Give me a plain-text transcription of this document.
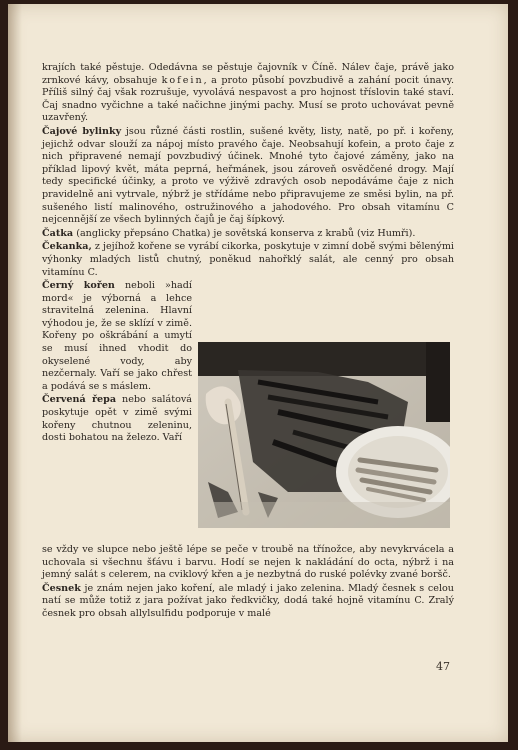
krajích také pěstuje. Odedávna se pěstuje čajovník v Číně. Nálev čaje, právě jako zrnkové kávy, obsahuje kofein, a proto působí povzbudivě a zahání pocit únavy. Příliš silný čaj však rozrušuje, vyvolává nespavost a pro hojnost tříslovin také staví. Čaj snadno vyčichne a také načichne jinými pachy. Musí se proto uchovávat pevně uzavřený.

Čajové bylinky jsou různé části rostlin, sušené květy, listy, natě, po př. i kořeny, jejichž odvar slouží za nápoj místo pravého čaje. Neobsahují kofein, a proto čaje z nich připravené nemají povzbudivý účinek. Mnohé tyto čajové záměny, jako na příklad lipový květ, máta peprná, heřmánek, jsou zároveň osvědčené drogy. Mají tedy specifické účinky, a proto ve výživě zdravých osob nepodáváme čaje z nich pravidelně ani vytrvale, nýbrž je střídáme nebo připravujeme ze směsi bylin, na př. sušeného listí malinového, ostružinového a jahodového. Pro obsah vitamínu C nejcennější ze všech bylinných čajů je čaj šípkový.

Čatka (anglicky přepsáno Chatka) je sovětská konserva z krabů (viz Humři).

Čekanka, z jejíhož kořene se vyrábí cikorka, poskytuje v zimní době svými bělenými výhonky mladých listů chutný, poněkud nahořklý salát, ale cenný pro obsah vitamínu C.

Černý kořen neboli »hadí mord« je výborná a lehce stravitelná zelenina. Hlavní výhodou je, že se sklízí v zimě. Kořeny po oškrábání a umytí se musí ihned vhodit do okyselené vody, aby nezčernaly. Vaří se jako chřest a podává se s máslem.

Červená řepa nebo salátová poskytuje opět v zimě svými kořeny chutnou zeleninu, dosti bohatou na železo. Vaří

se vždy ve slupce nebo ještě lépe se peče v troubě na třínožce, aby nevykrvácela a uchovala si všechnu šťávu i barvu. Hodí se nejen k nakládání do octa, nýbrž i na jemný salát s celerem, na cviklový křen a je nezbytná do ruské polévky zvané boršč.

Česnek je znám nejen jako koření, ale mladý i jako zelenina. Mladý česnek s celou natí se může totiž z jara požívat jako ředkvičky, dodá také hojně vitamínu C. Zralý česnek pro obsah allylsulfidu podporuje v malé

47
